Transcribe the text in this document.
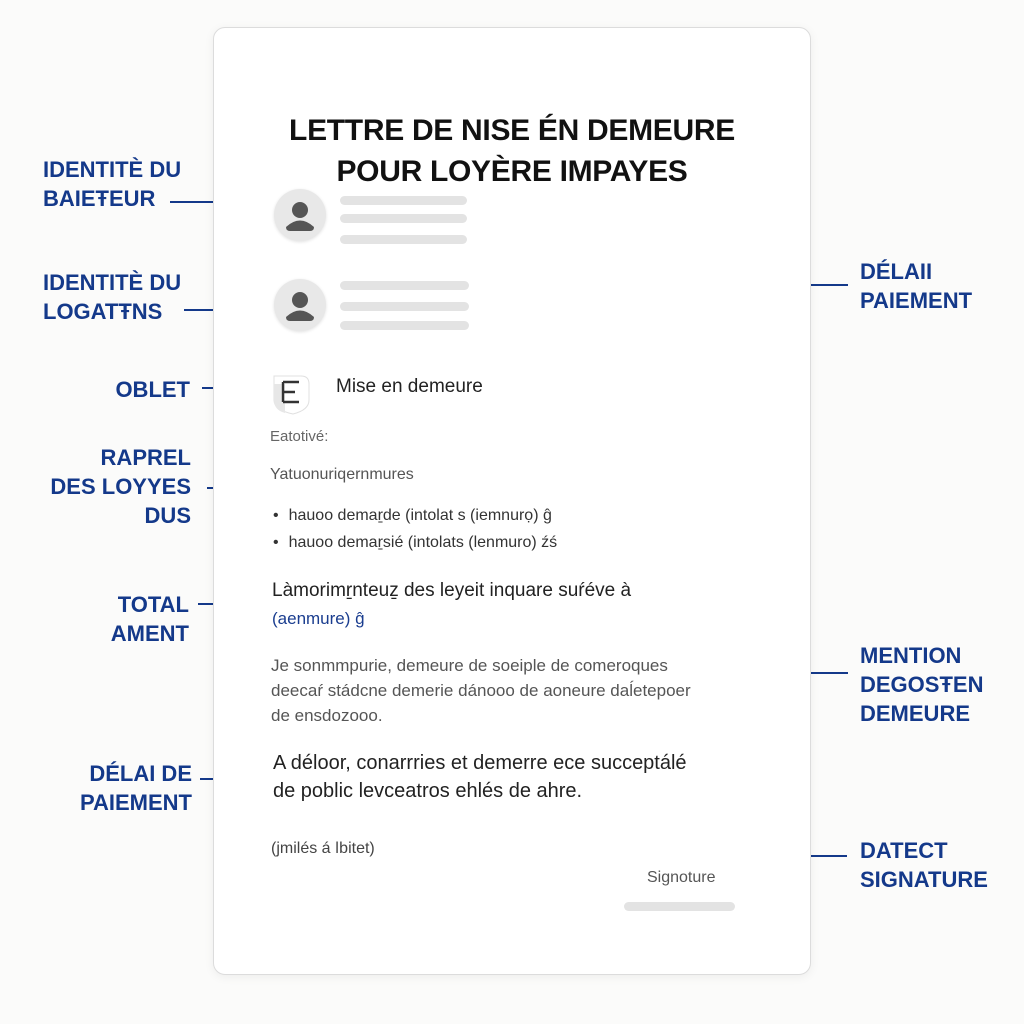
IDENTITÈ DU
BAIEŦEUR
IDENTITÈ DU
LOGATŦNS
OBLET
RAPREL
DES LOYYES
DUS
TOTAL
AMENT
DÉLAI DE
PAIEMENT
DÉLAII
PAIEMENT
MENTION
DEGOSŦEN
DEMEURE
DATECT
SIGNATURE
LETTRE DE NISE ÉN DEMEURE
POUR LOYÈRE IMPAYES
Mise en demeure
Eatotivé:
Yatuonuriqernmures
• hauoo demaṟde (intolat s (iemnurọ) ĝ
• hauoo demaṟsié (intolats (lenmuro) źś
Làmorimṟnteuẕ des leyeit inquare suŕéve à
(aenmure) ĝ
Je sonmmpurie, demeure de soeiple de comeroques
deecaŕ stádcne demerie dánooo de aoneure daĺetepoer
de ensdozooo.
A déloor, conarrries et demerre ece succeptálé
de poblic levceatros ehlés de ahre.
(jmilés á ǀbitet)
Signoture
